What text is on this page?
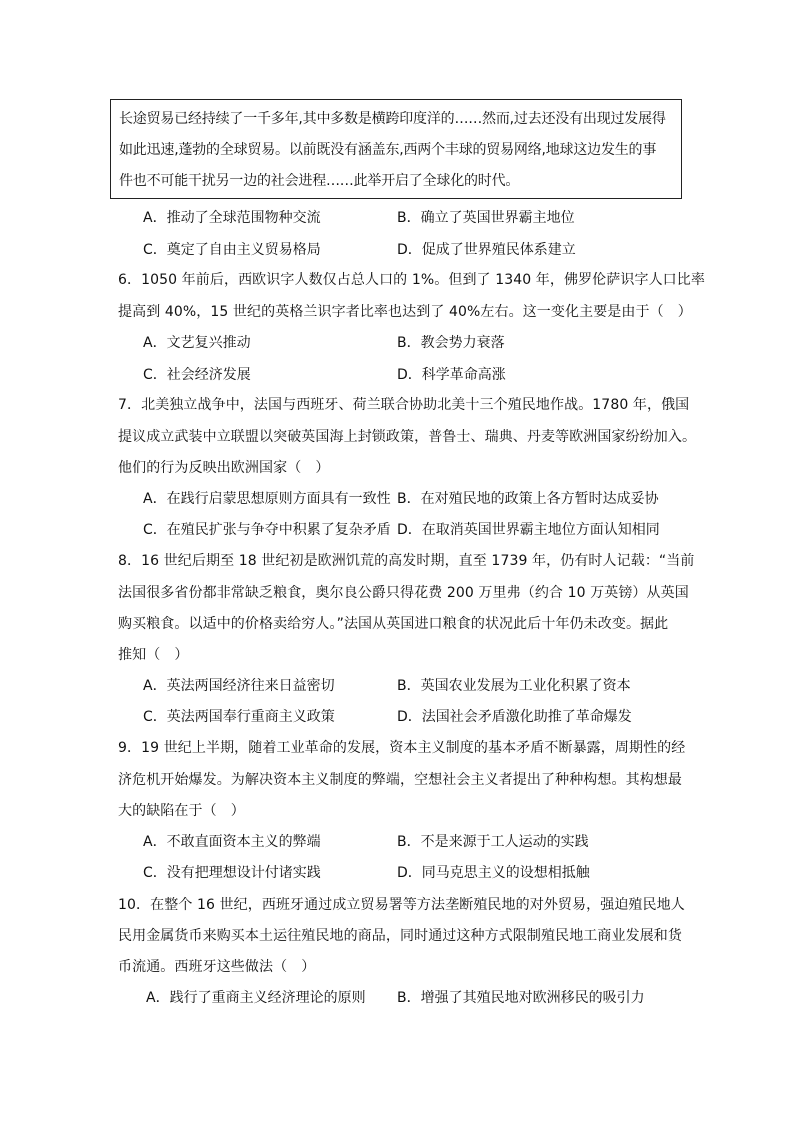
长途贸易已经持续了一千多年,其中多数是横跨印度洋的……然而,过去还没有出现过发展得
如此迅速,蓬勃的全球贸易。以前既没有涵盖东,西两个丰球的贸易网络,地球这边发生的事
件也不可能干扰另一边的社会进程……此举开启了全球化的时代。
A．推动了全球范围物种交流	B．确立了英国世界霸主地位
C．奠定了自由主义贸易格局	D．促成了世界殖民体系建立
6．1050 年前后，西欧识字人数仅占总人口的 1%。但到了 1340 年，佛罗伦萨识字人口比率
提高到 40%，15 世纪的英格兰识字者比率也达到了 40%左右。这一变化主要是由于（　）
A．文艺复兴推动	B．教会势力衰落
C．社会经济发展	D．科学革命高涨
7．北美独立战争中，法国与西班牙、荷兰联合协助北美十三个殖民地作战。1780 年，俄国
提议成立武装中立联盟以突破英国海上封锁政策，普鲁士、瑞典、丹麦等欧洲国家纷纷加入。
他们的行为反映出欧洲国家（　）
A．在践行启蒙思想原则方面具有一致性 B．在对殖民地的政策上各方暂时达成妥协
C．在殖民扩张与争夺中积累了复杂矛盾 D．在取消英国世界霸主地位方面认知相同
8．16 世纪后期至 18 世纪初是欧洲饥荒的高发时期，直至 1739 年，仍有时人记载：“当前
法国很多省份都非常缺乏粮食，奥尔良公爵只得花费 200 万里弗（约合 10 万英镑）从英国
购买粮食。以适中的价格卖给穷人。”法国从英国进口粮食的状况此后十年仍未改变。据此
推知（　）
A．英法两国经济往来日益密切	B．英国农业发展为工业化积累了资本
C．英法两国奉行重商主义政策	D．法国社会矛盾激化助推了革命爆发
9．19 世纪上半期，随着工业革命的发展，资本主义制度的基本矛盾不断暴露，周期性的经
济危机开始爆发。为解决资本主义制度的弊端，空想社会主义者提出了种种构想。其构想最
大的缺陷在于（　）
A．不敢直面资本主义的弊端	B．不是来源于工人运动的实践
C．没有把理想设计付诸实践	D．同马克思主义的设想相抵触
10．在整个 16 世纪，西班牙通过成立贸易署等方法垄断殖民地的对外贸易，强迫殖民地人
民用金属货币来购买本土运往殖民地的商品，同时通过这种方式限制殖民地工商业发展和货
币流通。西班牙这些做法（　）
A．践行了重商主义经济理论的原则 B．增强了其殖民地对欧洲移民的吸引力
